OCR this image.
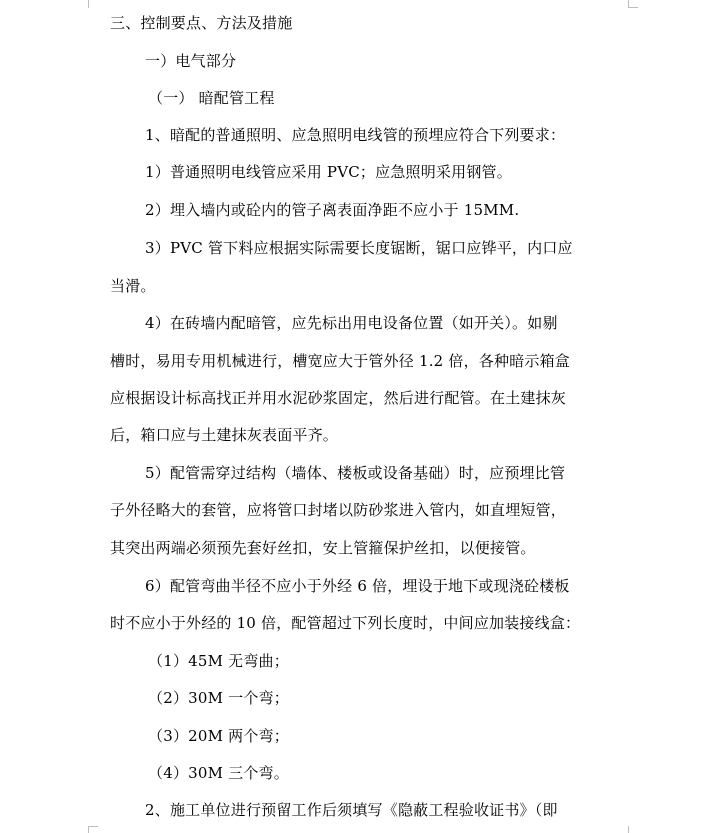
三、控制要点、方法及措施
一）电气部分
（一） 暗配管工程
1、暗配的普通照明、应急照明电线管的预埋应符合下列要求：
1）普通照明电线管应采用 PVC；应急照明采用钢管。
2）埋入墙内或砼内的管子离表面净距不应小于 15MM.
3）PVC 管下料应根据实际需要长度锯断，锯口应铧平，内口应
当滑。
4）在砖墙内配暗管，应先标出用电设备位置（如开关）。如剔
槽时，易用专用机械进行，槽宽应大于管外径 1.2 倍，各种暗示箱盒
应根据设计标高找正并用水泥砂浆固定，然后进行配管。在土建抹灰
后，箱口应与土建抹灰表面平齐。
5）配管需穿过结构（墙体、楼板或设备基础）时，应预埋比管
子外径略大的套管，应将管口封堵以防砂浆进入管内，如直埋短管，
其突出两端必须预先套好丝扣，安上管箍保护丝扣，以便接管。
6）配管弯曲半径不应小于外经 6 倍，埋设于地下或现浇砼楼板
时不应小于外经的 10 倍，配管超过下列长度时，中间应加装接线盒：
（1）45M 无弯曲；
（2）30M 一个弯；
（3）20M 两个弯；
（4）30M 三个弯。
2、施工单位进行预留工作后须填写《隐蔽工程验收证书》（即
